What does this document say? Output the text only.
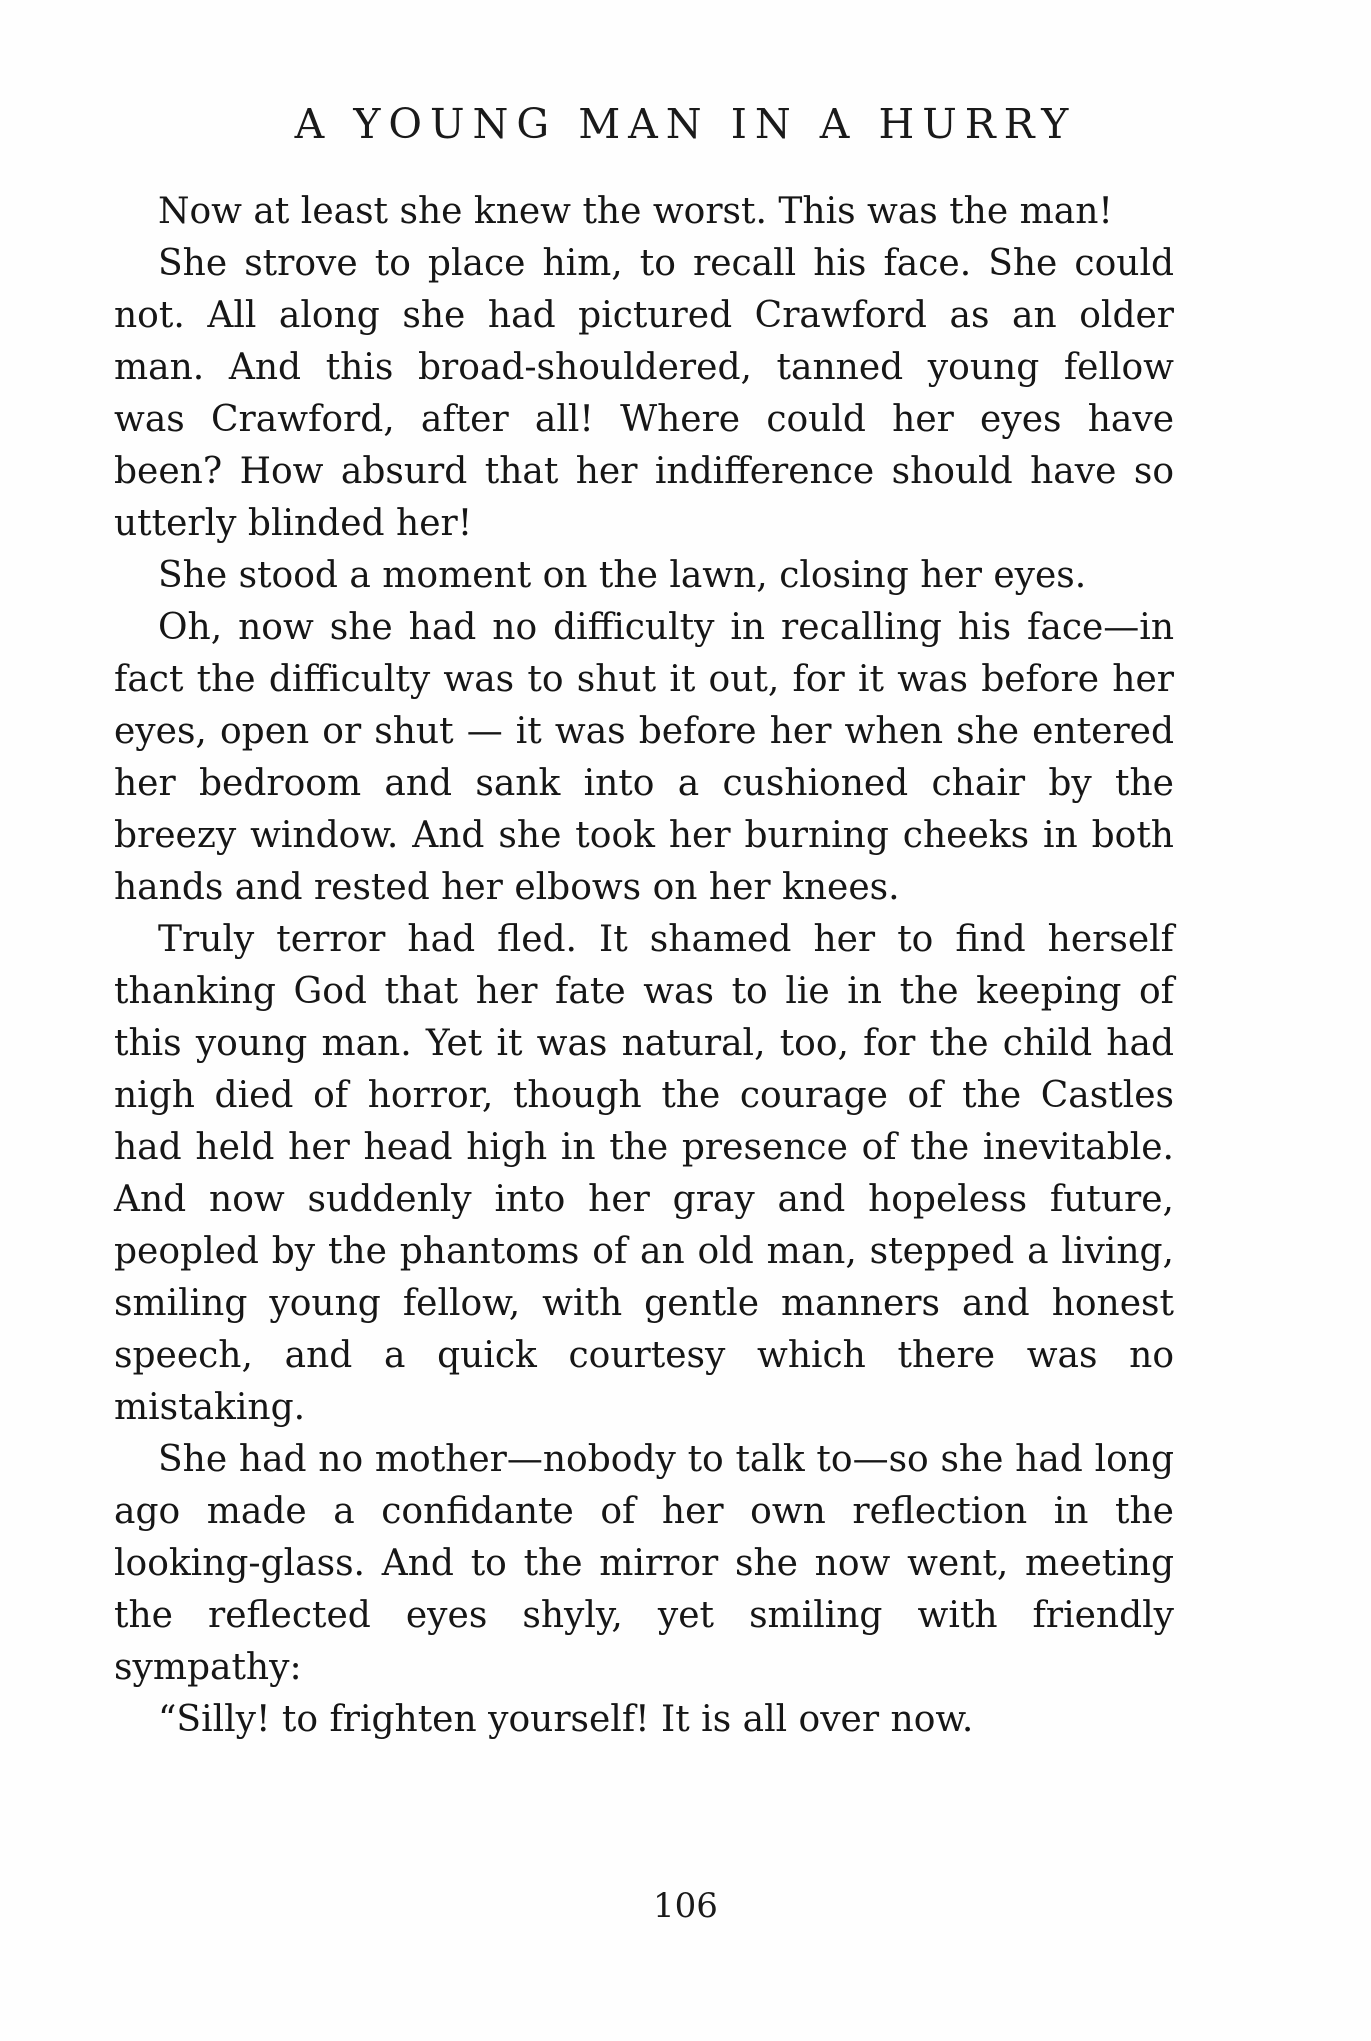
A YOUNG MAN IN A HURRY

Now at least she knew the worst. This was the man!

She strove to place him, to recall his face. She could not. All along she had pictured Crawford as an older man. And this broad-shouldered, tanned young fellow was Crawford, after all! Where could her eyes have been? How absurd that her indifference should have so utterly blinded her!

She stood a moment on the lawn, closing her eyes.

Oh, now she had no difficulty in recalling his face—in fact the difficulty was to shut it out, for it was before her eyes, open or shut — it was before her when she entered her bedroom and sank into a cushioned chair by the breezy window. And she took her burning cheeks in both hands and rested her elbows on her knees.

Truly terror had fled. It shamed her to find herself thanking God that her fate was to lie in the keeping of this young man. Yet it was natural, too, for the child had nigh died of horror, though the courage of the Castles had held her head high in the presence of the inevitable. And now suddenly into her gray and hopeless future, peopled by the phantoms of an old man, stepped a living, smiling young fellow, with gentle manners and honest speech, and a quick courtesy which there was no mistaking.

She had no mother—nobody to talk to—so she had long ago made a confidante of her own reflection in the looking-glass. And to the mirror she now went, meeting the reflected eyes shyly, yet smiling with friendly sympathy:

“Silly! to frighten yourself! It is all over now.

106
